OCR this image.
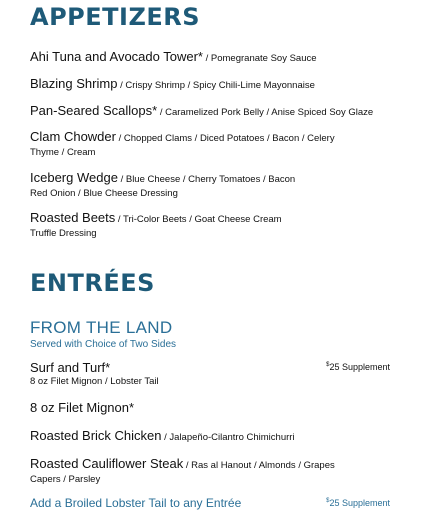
APPETIZERS
Ahi Tuna and Avocado Tower* / Pomegranate Soy Sauce
Blazing Shrimp / Crispy Shrimp / Spicy Chili-Lime Mayonnaise
Pan-Seared Scallops* / Caramelized Pork Belly / Anise Spiced Soy Glaze
Clam Chowder / Chopped Clams / Diced Potatoes / Bacon / Celery
Thyme / Cream
Iceberg Wedge / Blue Cheese / Cherry Tomatoes / Bacon
Red Onion / Blue Cheese Dressing
Roasted Beets / Tri-Color Beets / Goat Cheese Cream
Truffle Dressing
ENTRÉES
FROM THE LAND
Served with Choice of Two Sides
Surf and Turf*
8 oz Filet Mignon / Lobster Tail
$25 Supplement
8 oz Filet Mignon*
Roasted Brick Chicken / Jalapeño-Cilantro Chimichurri
Roasted Cauliflower Steak / Ras al Hanout / Almonds / Grapes
Capers / Parsley
Add a Broiled Lobster Tail to any Entrée	$25 Supplement
